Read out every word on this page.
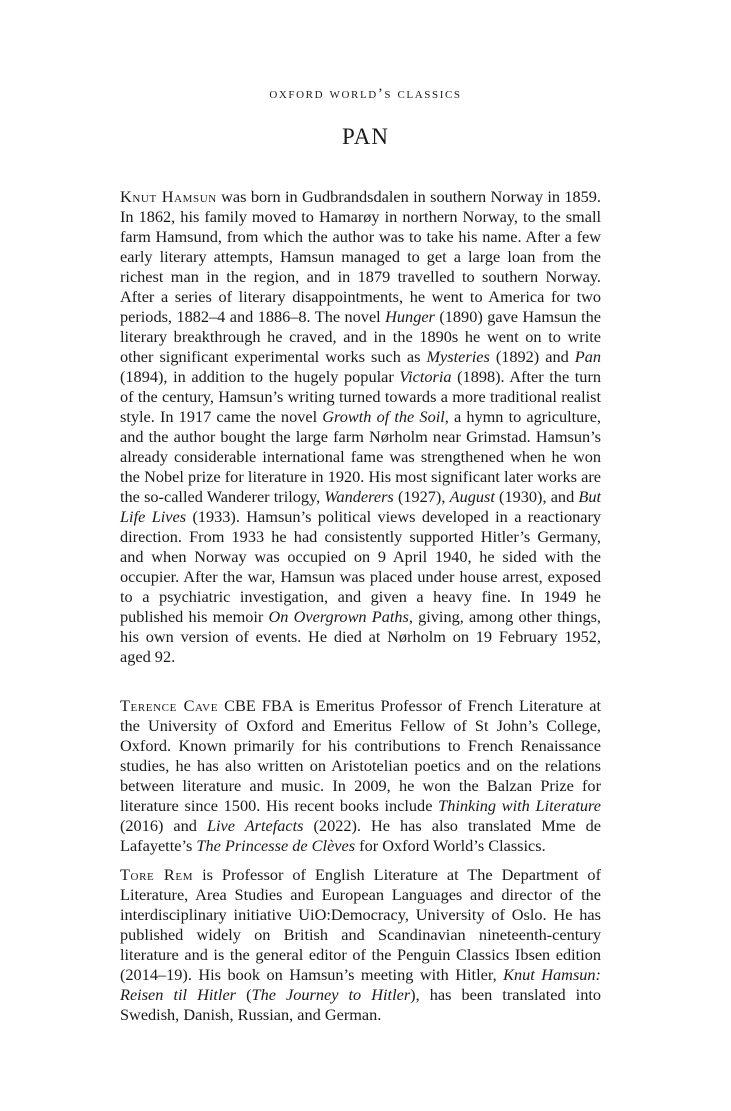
oxford world’s classics
PAN

Knut Hamsun was born in Gudbrandsdalen in southern Norway in 1859. In 1862, his family moved to Hamarøy in northern Norway, to the small farm Hamsund, from which the author was to take his name. After a few early literary attempts, Hamsun managed to get a large loan from the richest man in the region, and in 1879 travelled to southern Norway. After a series of literary disappointments, he went to America for two periods, 1882–4 and 1886–8. The novel Hunger (1890) gave Hamsun the literary breakthrough he craved, and in the 1890s he went on to write other significant experimental works such as Mysteries (1892) and Pan (1894), in addition to the hugely popular Victoria (1898). After the turn of the century, Hamsun’s writing turned towards a more traditional realist style. In 1917 came the novel Growth of the Soil, a hymn to agriculture, and the author bought the large farm Nørholm near Grimstad. Hamsun’s already considerable international fame was strengthened when he won the Nobel prize for literature in 1920. His most significant later works are the so-called Wanderer trilogy, Wanderers (1927), August (1930), and But Life Lives (1933). Hamsun’s political views developed in a reactionary direction. From 1933 he had consistently supported Hitler’s Germany, and when Norway was occupied on 9 April 1940, he sided with the occupier. After the war, Hamsun was placed under house arrest, exposed to a psychiatric investigation, and given a heavy fine. In 1949 he published his memoir On Overgrown Paths, giving, among other things, his own version of events. He died at Nørholm on 19 February 1952, aged 92.

Terence Cave CBE FBA is Emeritus Professor of French Literature at the University of Oxford and Emeritus Fellow of St John’s College, Oxford. Known primarily for his contributions to French Renaissance studies, he has also written on Aristotelian poetics and on the relations between literature and music. In 2009, he won the Balzan Prize for literature since 1500. His recent books include Thinking with Literature (2016) and Live Artefacts (2022). He has also translated Mme de Lafayette’s The Princesse de Clèves for Oxford World’s Classics.

Tore Rem is Professor of English Literature at The Department of Literature, Area Studies and European Languages and director of the interdisciplinary initiative UiO:Democracy, University of Oslo. He has published widely on British and Scandinavian nineteenth-century literature and is the general editor of the Penguin Classics Ibsen edition (2014–19). His book on Hamsun’s meeting with Hitler, Knut Hamsun: Reisen til Hitler (The Journey to Hitler), has been translated into Swedish, Danish, Russian, and German.
